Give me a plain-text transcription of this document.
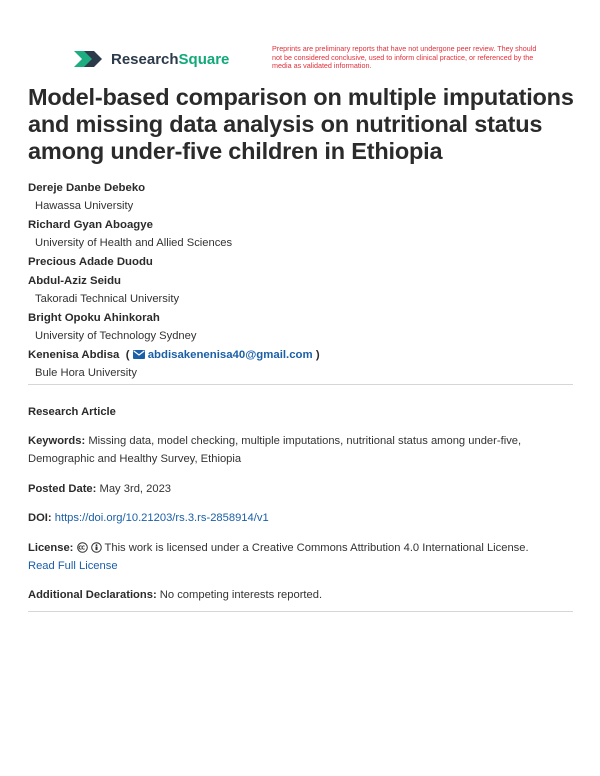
ResearchSquare
Preprints are preliminary reports that have not undergone peer review. They should not be considered conclusive, used to inform clinical practice, or referenced by the media as validated information.
Model-based comparison on multiple imputations and missing data analysis on nutritional status among under-five children in Ethiopia
Dereje Danbe Debeko
Hawassa University
Richard Gyan Aboagye
University of Health and Allied Sciences
Precious Adade Duodu
Abdul-Aziz Seidu
Takoradi Technical University
Bright Opoku Ahinkorah
University of Technology Sydney
Kenenisa Abdisa  ( abdisakenenisa40@gmail.com )
Bule Hora University
Research Article
Keywords: Missing data, model checking, multiple imputations, nutritional status among under-five, Demographic and Healthy Survey, Ethiopia
Posted Date: May 3rd, 2023
DOI: https://doi.org/10.21203/rs.3.rs-2858914/v1
License:	This work is licensed under a Creative Commons Attribution 4.0 International License.
Read Full License
Additional Declarations: No competing interests reported.
